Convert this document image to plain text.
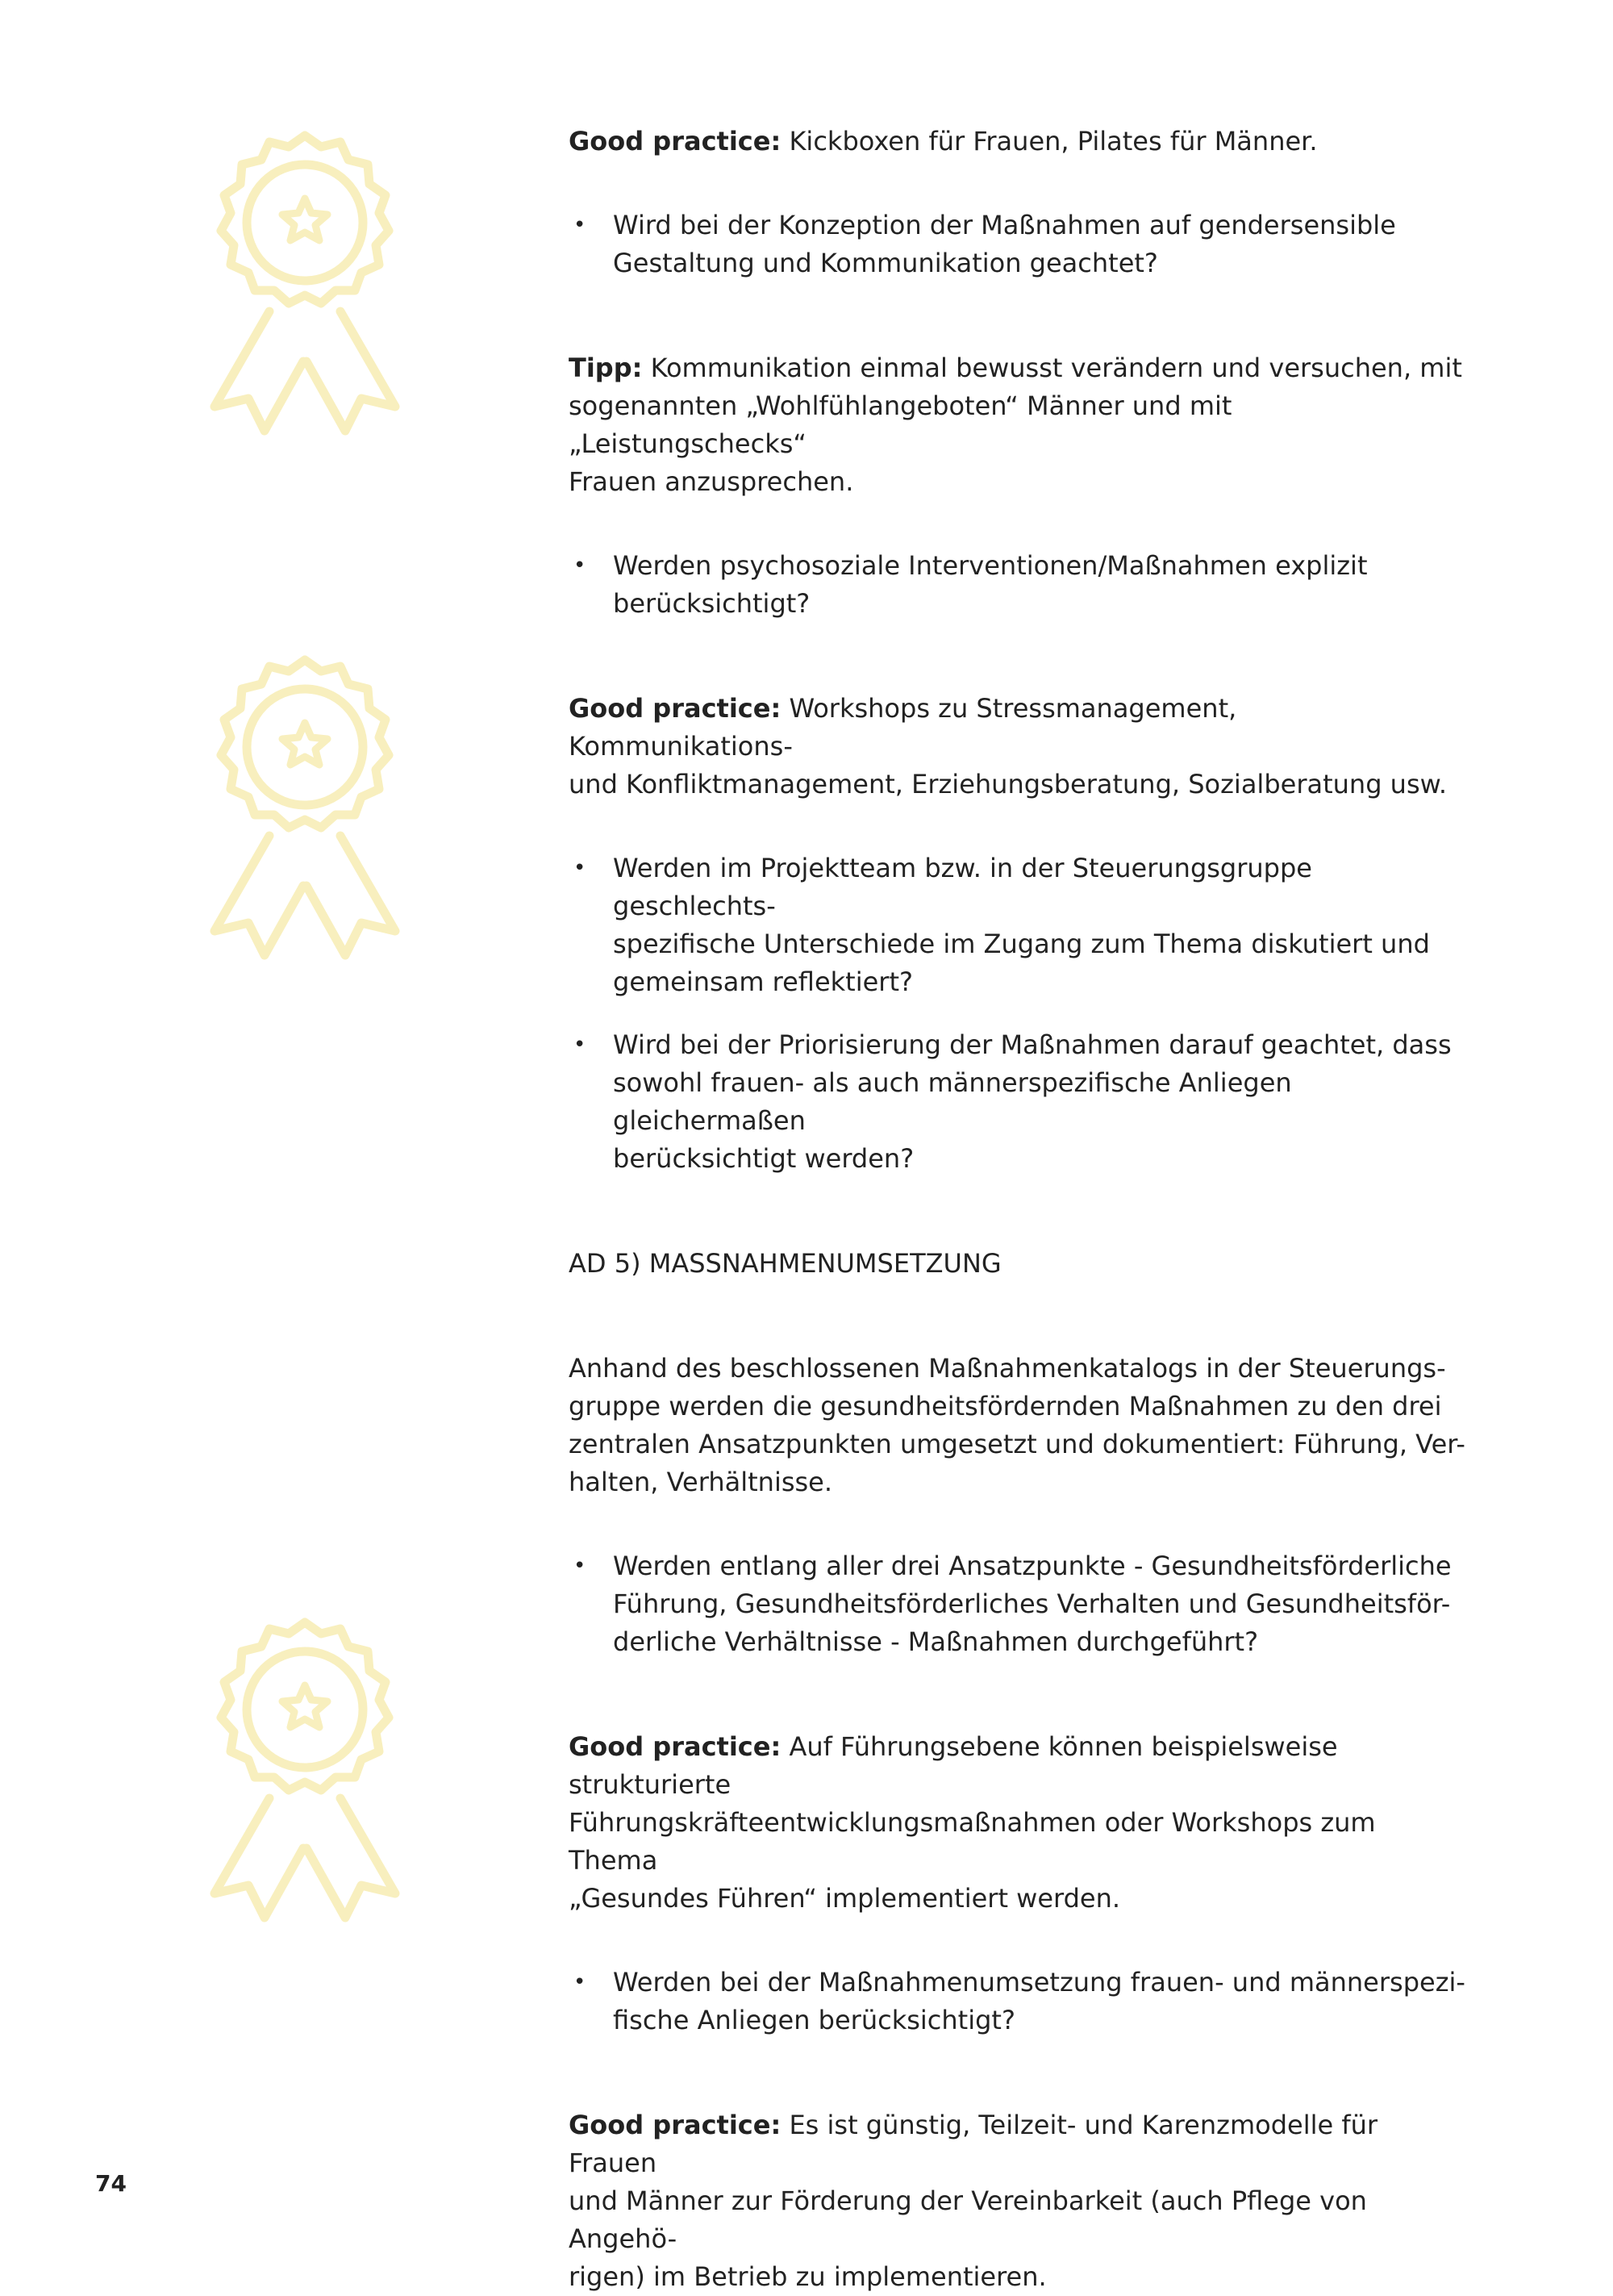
Good practice: Kickboxen für Frauen, Pilates für Männer.

• Wird bei der Konzeption der Maßnahmen auf gendersensible
Gestaltung und Kommunikation geachtet?

Tipp: Kommunikation einmal bewusst verändern und versuchen, mit
sogenannten „Wohlfühlangeboten“ Männer und mit „Leistungschecks“
Frauen anzusprechen.

• Werden psychosoziale Interventionen/Maßnahmen explizit
berücksichtigt?

Good practice: Workshops zu Stressmanagement, Kommunikations-
und Konfliktmanagement, Erziehungsberatung, Sozialberatung usw.

• Werden im Projektteam bzw. in der Steuerungsgruppe geschlechts-
spezifische Unterschiede im Zugang zum Thema diskutiert und
gemeinsam reflektiert?
• Wird bei der Priorisierung der Maßnahmen darauf geachtet, dass
sowohl frauen- als auch männerspezifische Anliegen gleichermaßen
berücksichtigt werden?

AD 5) MASSNAHMENUMSETZUNG

Anhand des beschlossenen Maßnahmenkatalogs in der Steuerungs-
gruppe werden die gesundheitsfördernden Maßnahmen zu den drei
zentralen Ansatzpunkten umgesetzt und dokumentiert: Führung, Ver-
halten, Verhältnisse.

• Werden entlang aller drei Ansatzpunkte - Gesundheitsförderliche
Führung, Gesundheitsförderliches Verhalten und Gesundheitsför-
derliche Verhältnisse - Maßnahmen durchgeführt?

Good practice: Auf Führungsebene können beispielsweise strukturierte
Führungskräfteentwicklungsmaßnahmen oder Workshops zum Thema
„Gesundes Führen“ implementiert werden.

• Werden bei der Maßnahmenumsetzung frauen- und männerspezi-
fische Anliegen berücksichtigt?

Good practice: Es ist günstig, Teilzeit- und Karenzmodelle für Frauen
und Männer zur Förderung der Vereinbarkeit (auch Pflege von Angehö-
rigen) im Betrieb zu implementieren.

74
